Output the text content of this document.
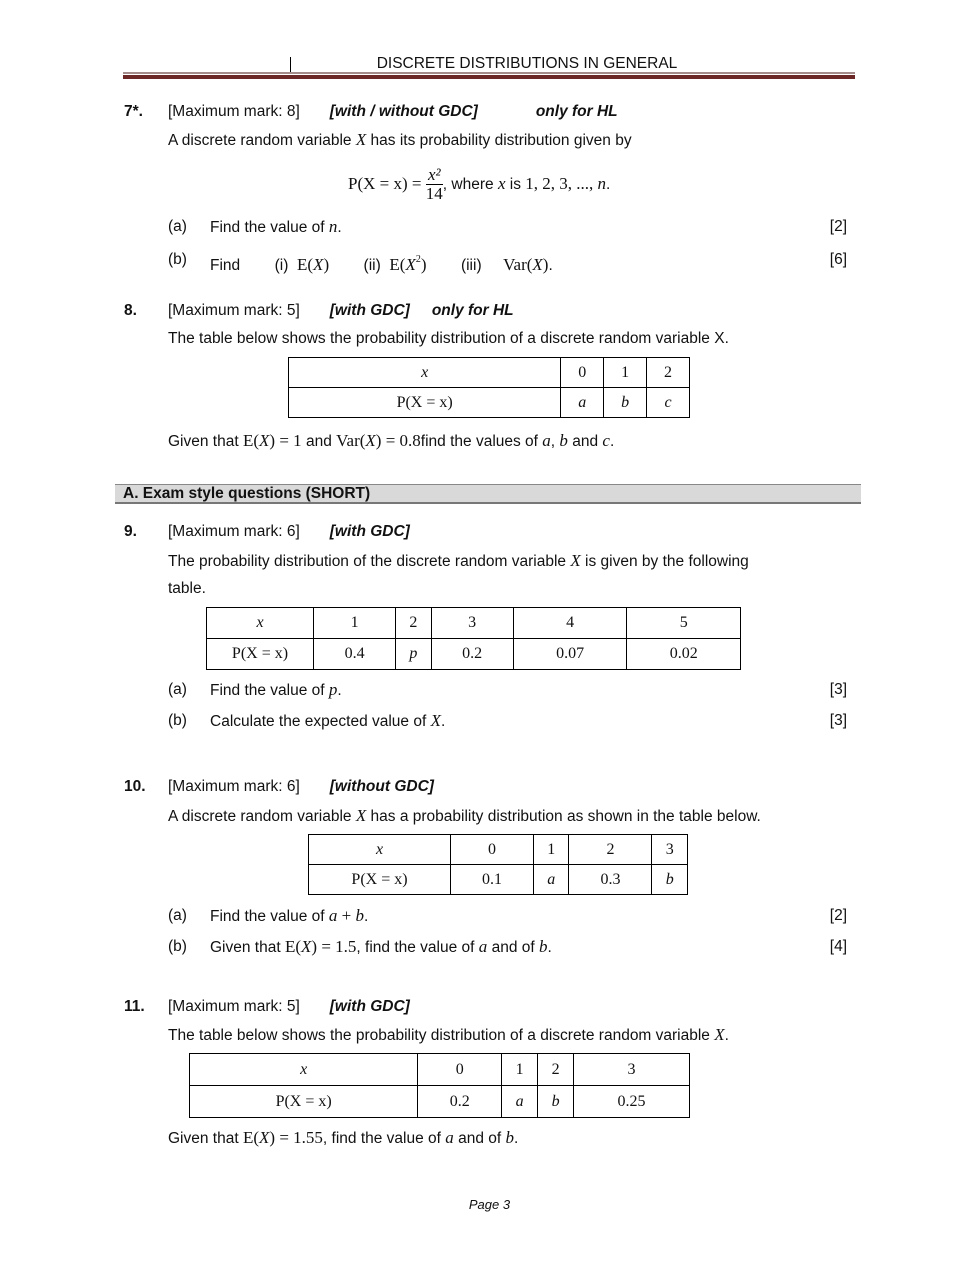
DISCRETE DISTRIBUTIONS IN GENERAL
7*. [Maximum mark: 8] [with / without GDC]	only for HL
A discrete random variable X has its probability distribution given by
$P(X = x) = \frac{\text{x²}}{14}$ , where x is 1, 2, 3, ..., n.
(a) Find the value of n.	[2]
(b) Find        (i)  E(X)        (ii)  $E(X^2)$        (iii)     Var(X).	[6]
8. [Maximum mark: 5] [with GDC] only for HL
The table below shows the probability distribution of a discrete random variable X.
x	0	1	2
P(X = x)	a	b	c
Given that E(X) = 1 and Var(X) = 0.8find the values of a, b and c.
A. Exam style questions (SHORT)
9. [Maximum mark: 6] [with GDC]
The probability distribution of the discrete random variable X is given by the following
table.
x	1	2	3	4	5
P(X = x)	0.4	p	0.2	0.07	0.02
(a) Find the value of p.	[3]
(b) Calculate the expected value of X.	[3]
10. [Maximum mark: 6] [without GDC]
A discrete random variable X has a probability distribution as shown in the table below.
x	0	1	2	3
P(X = x)	0.1	a	0.3	b
(a) Find the value of a + b.	[2]
(b) Given that E(X) = 1.5, find the value of a and of b.	[4]
11. [Maximum mark: 5] [with GDC]
The table below shows the probability distribution of a discrete random variable X.
x	0	1	2	3
P(X = x)	0.2	a	b	0.25
Given that E(X) = 1.55, find the value of a and of b.
Page 3
